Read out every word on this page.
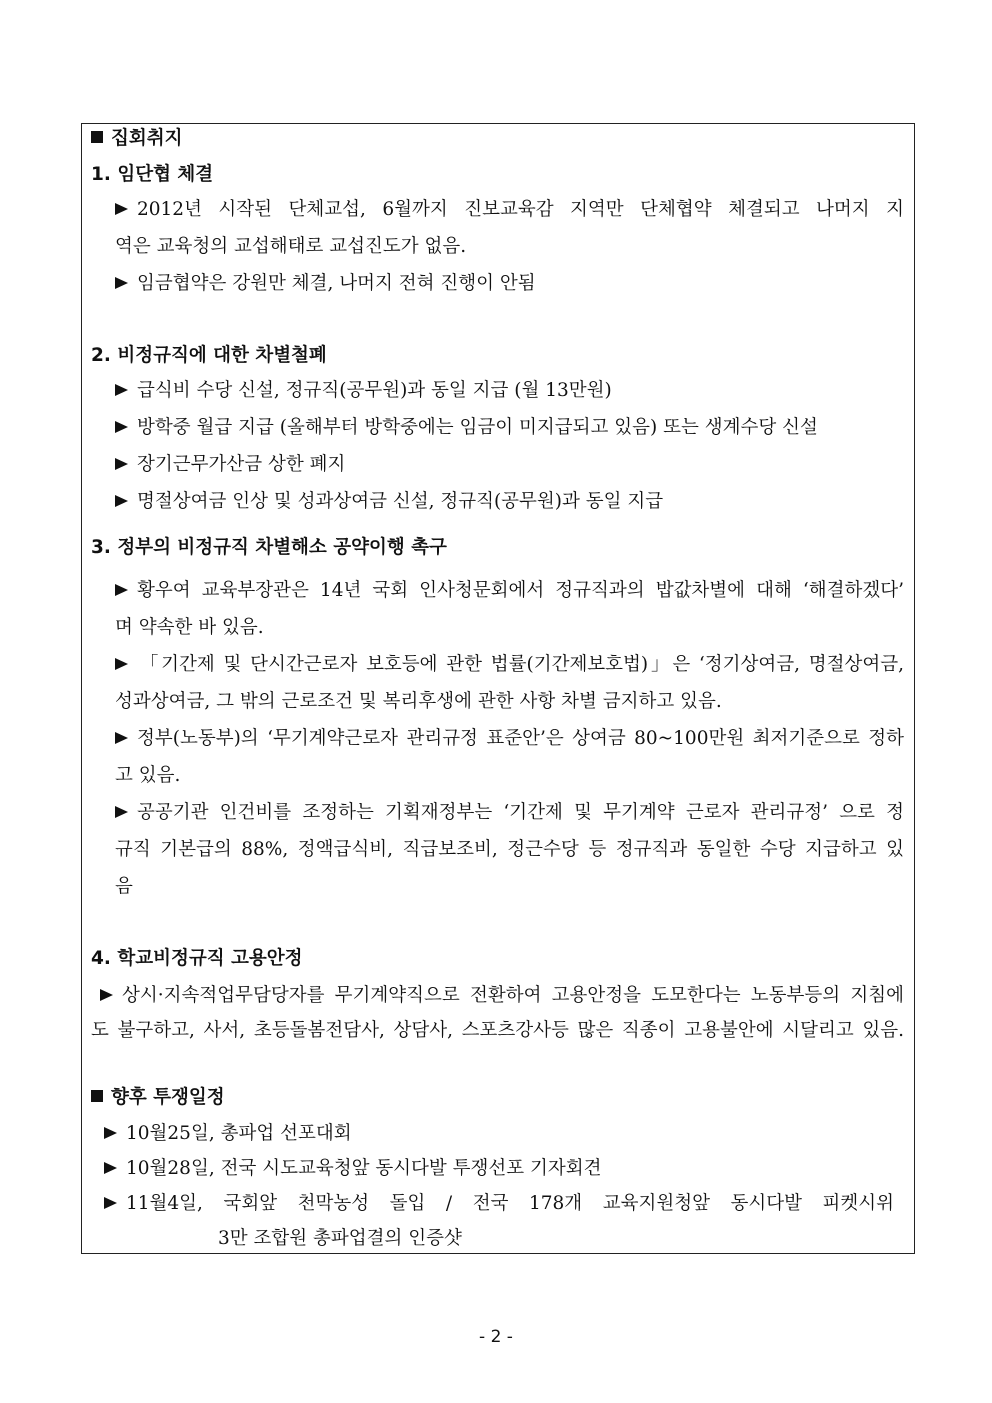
집회취지
1. 임단협 체결
2012년 시작된 단체교섭, 6월까지 진보교육감 지역만 단체협약 체결되고 나머지 지
역은 교육청의 교섭해태로 교섭진도가 없음.
임금협약은 강원만 체결, 나머지 전혀 진행이 안됨
2. 비정규직에 대한 차별철폐
급식비 수당 신설, 정규직(공무원)과 동일 지급 (월 13만원)
방학중 월급 지급 (올해부터 방학중에는 임금이 미지급되고 있음) 또는 생계수당 신설
장기근무가산금 상한 폐지
명절상여금 인상 및 성과상여금 신설, 정규직(공무원)과 동일 지급
3. 정부의 비정규직 차별해소 공약이행 촉구
황우여 교육부장관은 14년 국회 인사청문회에서 정규직과의 밥값차별에 대해 ‘해결하겠다’
며 약속한 바 있음.
「기간제 및 단시간근로자 보호등에 관한 법률(기간제보호법)」은 ‘정기상여금, 명절상여금,
성과상여금, 그 밖의 근로조건 및 복리후생에 관한 사항 차별 금지하고 있음.
정부(노동부)의 ‘무기계약근로자 관리규정 표준안’은 상여금 80~100만원 최저기준으로 정하
고 있음.
공공기관 인건비를 조정하는 기획재정부는 ‘기간제 및 무기계약 근로자 관리규정’ 으로 정
규직 기본급의 88%, 정액급식비, 직급보조비, 정근수당 등 정규직과 동일한 수당 지급하고 있
음
4. 학교비정규직 고용안정
상시·지속적업무담당자를 무기계약직으로 전환하여 고용안정을 도모한다는 노동부등의 지침에
도 불구하고, 사서, 초등돌봄전담사, 상담사, 스포츠강사등 많은 직종이 고용불안에 시달리고 있음.
향후 투쟁일정
10월25일, 총파업 선포대회
10월28일, 전국 시도교육청앞 동시다발 투쟁선포 기자회견
11월4일, 국회앞 천막농성 돌입 / 전국 178개 교육지원청앞 동시다발 피켓시위
3만 조합원 총파업결의 인증샷
- 2 -
